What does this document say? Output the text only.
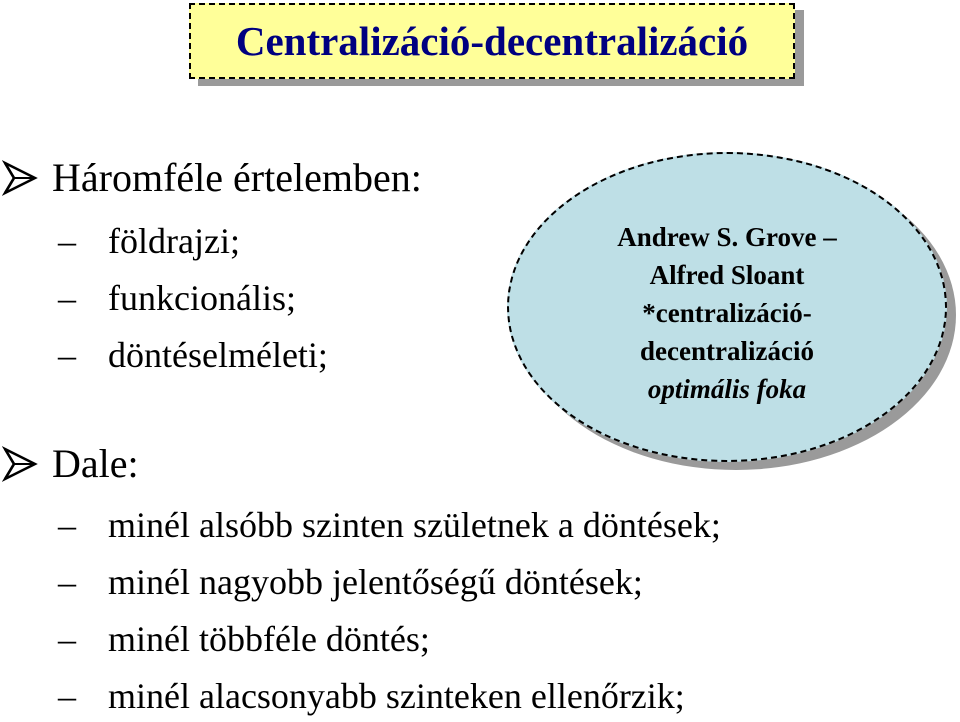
Centralizáció-decentralizáció
Andrew S. Grove –
Alfred Sloant
*centralizáció-
decentralizáció
optimális foka
Háromféle értelemben:
– földrajzi;
– funkcionális;
– döntéselméleti;
Dale:
– minél alsóbb szinten születnek a döntések;
– minél nagyobb jelentőségű döntések;
– minél többféle döntés;
– minél alacsonyabb szinteken ellenőrzik;
